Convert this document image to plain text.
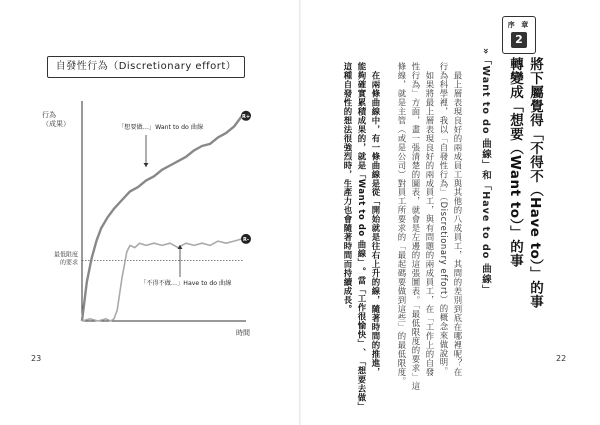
自發性行為（Discretionary effort）
行為（成果）
時間
最低限度的要求
R+
R-
「想要做…」Want to do 曲線
「不得不做…」Have to do 曲線
23
序 章
2
將下屬覺得「不得不（Have to）」的事
轉變成「想要（Want to）」的事
»「Want to do 曲線」和「Have to do 曲線」
　最上層表現良好的兩成員工與其他的八成員工，其間的差別到底在哪裡呢？在
行為科學裡，我以「自發性行為」（Discretionary effort）的概念來做說明。
　如果將最上層表現良好的兩成員工，與有問題的兩成員工，在「工作上的自發
性行為」方面，畫一張清楚的圖表，就會是左邊的這張圖表。「最低限度的要求」這
條線，就是主管（或是公司）對員工所要求的「最起碼要做到這些」的最低限度。
　在兩條曲線中，有一條曲線是從「開始就是往右上升的線，隨著時間的推進，
能夠確實累積成果的，就是「Want to do 曲線」。當「工作很愉快」、「想要去做」
這種自發性的想法很強烈時，生產力也會隨著時間而持續成長。
22
